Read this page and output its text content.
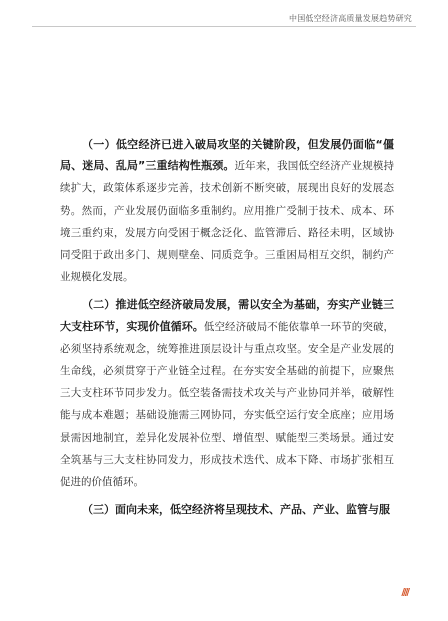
中国低空经济高质量发展趋势研究

（一）低空经济已进入破局攻坚的关键阶段，但发展仍面临“僵局、迷局、乱局”三重结构性瓶颈。近年来，我国低空经济产业规模持续扩大，政策体系逐步完善，技术创新不断突破，展现出良好的发展态势。然而，产业发展仍面临多重制约。应用推广受制于技术、成本、环境三重约束，发展方向受困于概念泛化、监管滞后、路径未明，区域协同受阻于政出多门、规则壁垒、同质竞争。三重困局相互交织，制约产业规模化发展。

（二）推进低空经济破局发展，需以安全为基础，夯实产业链三大支柱环节，实现价值循环。低空经济破局不能依靠单一环节的突破，必须坚持系统观念，统筹推进顶层设计与重点攻坚。安全是产业发展的生命线，必须贯穿于产业链全过程。在夯实安全基础的前提下，应聚焦三大支柱环节同步发力。低空装备需技术攻关与产业协同并举，破解性能与成本难题；基础设施需三网协同，夯实低空运行安全底座；应用场景需因地制宜，差异化发展补位型、增值型、赋能型三类场景。通过安全筑基与三大支柱协同发力，形成技术迭代、成本下降、市场扩张相互促进的价值循环。

（三）面向未来，低空经济将呈现技术、产品、产业、监管与服

////
